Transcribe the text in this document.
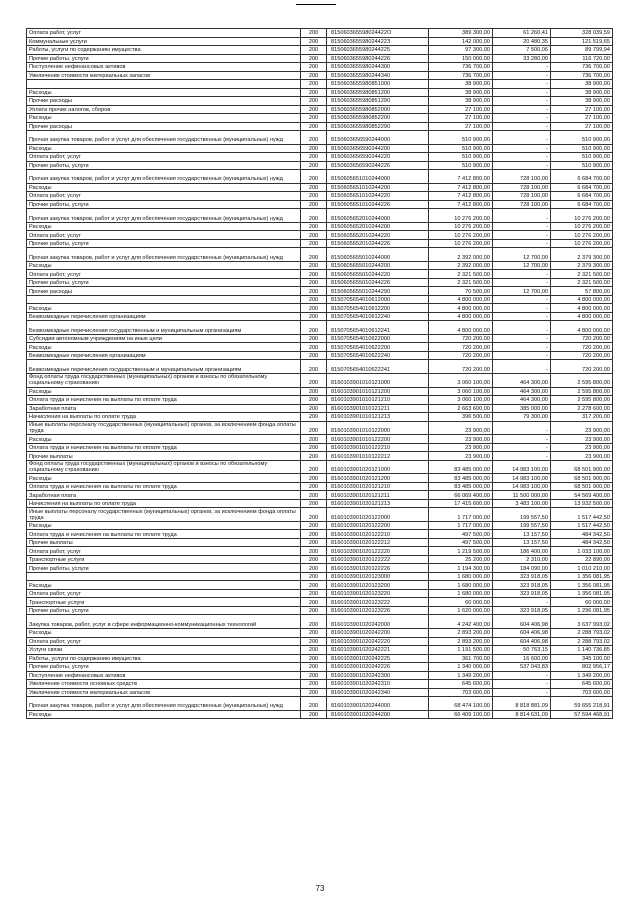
Оплата работ, услуг	200	815060365598024422О	389 300,00	61 260,41	328 039,59
Коммунальные услуги	200	815060365598024422З	142 000,00	20 480,35	121 519,65
Работы, услуги по содержанию имущества	200	8150603655980244225	97 300,00	7 500,06	89 799,94
Прочие работы, услуги	200	8150603655980244226	150 000,00	33 280,00	116 720,00
Поступление нефинансовых активов	200	8150603655980244300	736 700,00	-	736 700,00
Увеличение стоимости материальных запасов	200	8150603655980244340	736 700,00	-	736 700,00
	200	8150603655980851000	38 900,00	-	38 900,00
Расходы	200	8150603655980851200	38 900,00	-	38 900,00
Прочие расходы	200	8150603655980851290	38 900,00	-	38 900,00
Уплата прочих налогов, сборов	200	8150603655980852000	27 100,00	-	27 100,00
Расходы	200	8150603655980852200	27 100,00	-	27 100,00
Прочие расходы	200	8150603655980852290	27 100,00	-	27 100,00
Прочая закупка товаров, работ и услуг для обеспечения государственных (муниципальных) нужд	200	8150603656590244000	510 900,00	-	510 900,00
Расходы	200	8150603656590244200	510 900,00	-	510 900,00
Оплата работ, услуг	200	8150603656590244220	510 900,00	-	510 900,00
Прочие работы, услуги	200	8150603656590244226	510 900,00	-	510 900,00
Прочая закупка товаров, работ и услуг для обеспечения государственных (муниципальных) нужд	200	8150605651010244000	7 412 800,00	728 100,00	6 684 700,00
Расходы	200	8150605651010244200	7 412 800,00	728 100,00	6 684 700,00
Оплата работ, услуг	200	8150605651010244220	7 412 800,00	728 100,00	6 684 700,00
Прочие работы, услуги	200	8150605651010244226	7 412 800,00	728 100,00	6 684 700,00
Прочая закупка товаров, работ и услуг для обеспечения государственных (муниципальных) нужд	200	8150605652010244000	10 276 200,00	-	10 276 200,00
Расходы	200	8150605652010244200	10 276 200,00	-	10 276 200,00
Оплата работ, услуг	200	8150605652010244220	10 276 200,00	-	10 276 200,00
Прочие работы, услуги	200	8150605652010244226	10 276 200,00	-	10 276 200,00
Прочая закупка товаров, работ и услуг для обеспечения государственных (муниципальных) нужд	200	8150605655010244000	2 392 000,00	12 700,00	2 379 300,00
Расходы	200	8150605655010244200	2 392 000,00	12 700,00	2 379 300,00
Оплата работ, услуг	200	8150605655010244220	2 321 500,00	-	2 321 500,00
Прочие работы, услуги	200	8150605655010244226	2 321 500,00	-	2 321 500,00
Прочие расходы	200	8150605655010244290	70 500,00	12 700,00	57 800,00
	200	8150705654010612000	4 800 000,00	-	4 800 000,00
Расходы	200	8150705654010612200	4 800 000,00	-	4 800 000,00
Безвозмездные перечисления организациям	200	8150705654010612240	4 800 000,00	-	4 800 000,00
Безвозмездные перечисления государственным и муниципальным организациям	200	8150705654010612241	4 800 000,00	-	4 800 000,00
Субсидии автономным учреждениям на иные цели	200	8150705654010622000	720 200,00	-	720 200,00
Расходы	200	8150705654010622200	720 200,00	-	720 200,00
Безвозмездные перечисления организациям	200	8150705654010622240	720 200,00	-	720 200,00
Безвозмездные перечисления государственным и муниципальным организациям	200	8150705654010622241	720 200,00	-	720 200,00
Фонд оплаты труда государственных (муниципальных) органов и взносы по обязательному социальному страхованию	200	8160103901010121000	3 060 100,00	464 300,00	2 595 800,00
Расходы	200	8160103901010121200	3 060 100,00	464 300,00	2 595 800,00
Оплата труда и начисления на выплаты по оплате труда	200	8160103901010121210	3 060 100,00	464 300,00	2 595 800,00
Заработная плата	200	8160103901010121211	2 663 600,00	385 000,00	2 278 600,00
Начисления на выплаты по оплате труда	200	8160103901010121213	396 500,00	79 300,00	317 200,00
Иные выплаты персоналу государственных (муниципальных) органов, за исключением фонда оплаты труда	200	8160103901010122000	23 900,00	-	23 900,00
Расходы	200	8160103901010122200	23 900,00	-	23 900,00
Оплата труда и начисления на выплаты по оплате труда	200	8160103901010122210	23 900,00	-	23 900,00
Прочие выплаты	200	8160103901010122212	23 900,00	-	23 900,00
Фонд оплаты труда государственных (муниципальных) органов и взносы по обязательному социальному страхованию	200	8160103901020121000	83 485 000,00	14 983 100,00	68 501 900,00
Расходы	200	8160103901020121200	83 485 000,00	14 983 100,00	68 501 900,00
Оплата труда и начисления на выплаты по оплате труда	200	8160103901020121210	83 485 000,00	14 983 100,00	68 501 900,00
Заработная плата	200	8160103901020121211	66 069 400,00	11 500 000,00	54 569 400,00
Начисления на выплаты по оплате труда	200	8160103901020121213	17 415 600,00	3 483 100,00	13 932 500,00
Иные выплаты персоналу государственных (муниципальных) органов, за исключением фонда оплаты труда	200	8160103901020122000	1 717 000,00	199 557,50	1 517 442,50
Расходы	200	8160103901020122200	1 717 000,00	199 557,50	1 517 442,50
Оплата труда и начисления на выплаты по оплате труда	200	8160103901020122210	497 500,00	13 157,50	484 342,50
Прочие выплаты	200	8160103901020122212	497 500,00	13 157,50	484 342,50
Оплата работ, услуг	200	8160103901020122220	1 219 500,00	186 400,00	1 033 100,00
Транспортные услуги	200	8160103901020122222	25 200,00	2 310,00	22 890,00
Прочие работы, услуги	200	8160103901020122226	1 194 300,00	184 090,00	1 010 210,00
	200	8160103901020123000	1 680 000,00	323 918,05	1 356 081,95
Расходы	200	8160103901020123200	1 680 000,00	323 918,05	1 356 081,95
Оплата работ, услуг	200	8160103901020123220	1 680 000,00	323 918,05	1 356 081,95
Транспортные услуги	200	8160103901020123222	60 000,00	-	60 000,00
Прочие работы, услуги	200	8160103901020123226	1 620 000,00	323 918,05	1 296 081,95
Закупка товаров, работ, услуг в сфере информационно-коммуникационных технологий	200	8160103901020242000	4 242 400,00	604 406,98	3 637 993,02
Расходы	200	8160103901020242200	2 893 200,00	604 406,98	2 288 793,02
Оплата работ, услуг	200	8160103901020242220	2 893 200,00	604 406,98	2 288 793,02
Услуги связи	200	8160103901020242221	1 191 500,00	50 763,15	1 140 736,85
Работы, услуги по содержанию имущества	200	8160103901020242225	361 700,00	16 600,00	345 100,00
Прочие работы, услуги	200	8160103901020242226	1 340 000,00	537 043,83	802 956,17
Поступление нефинансовых активов	200	8160103901020242300	1 349 200,00	-	1 349 200,00
Увеличение стоимости основных средств	200	8160103901020242310	645 600,00	-	645 600,00
Увеличение стоимости материальных запасов	200	8160103901020242340	703 600,00	-	703 600,00
Прочая закупка товаров, работ и услуг для обеспечения государственных (муниципальных) нужд	200	8160103901020244000	68 474 100,00	8 818 881,09	59 655 218,91
Расходы	200	8160103901020244200	66 409 100,00	8 814 631,09	57 594 468,91
73
